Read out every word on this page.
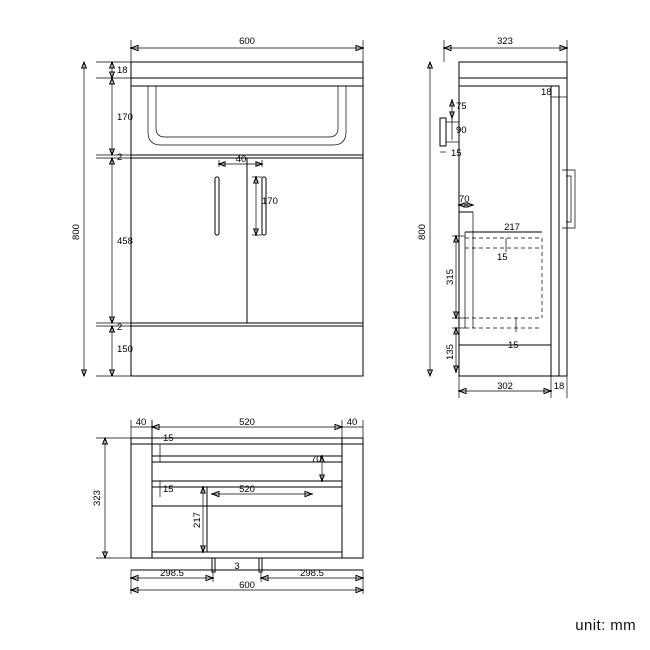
600
18
170
2
458
2
150
800
40
170
323
18
75
90
15
70
217
15
15
315
135
800
302	18
40	520	40
15
70
15	520
217
323
298.5
3
298.5
600
unit: mm
